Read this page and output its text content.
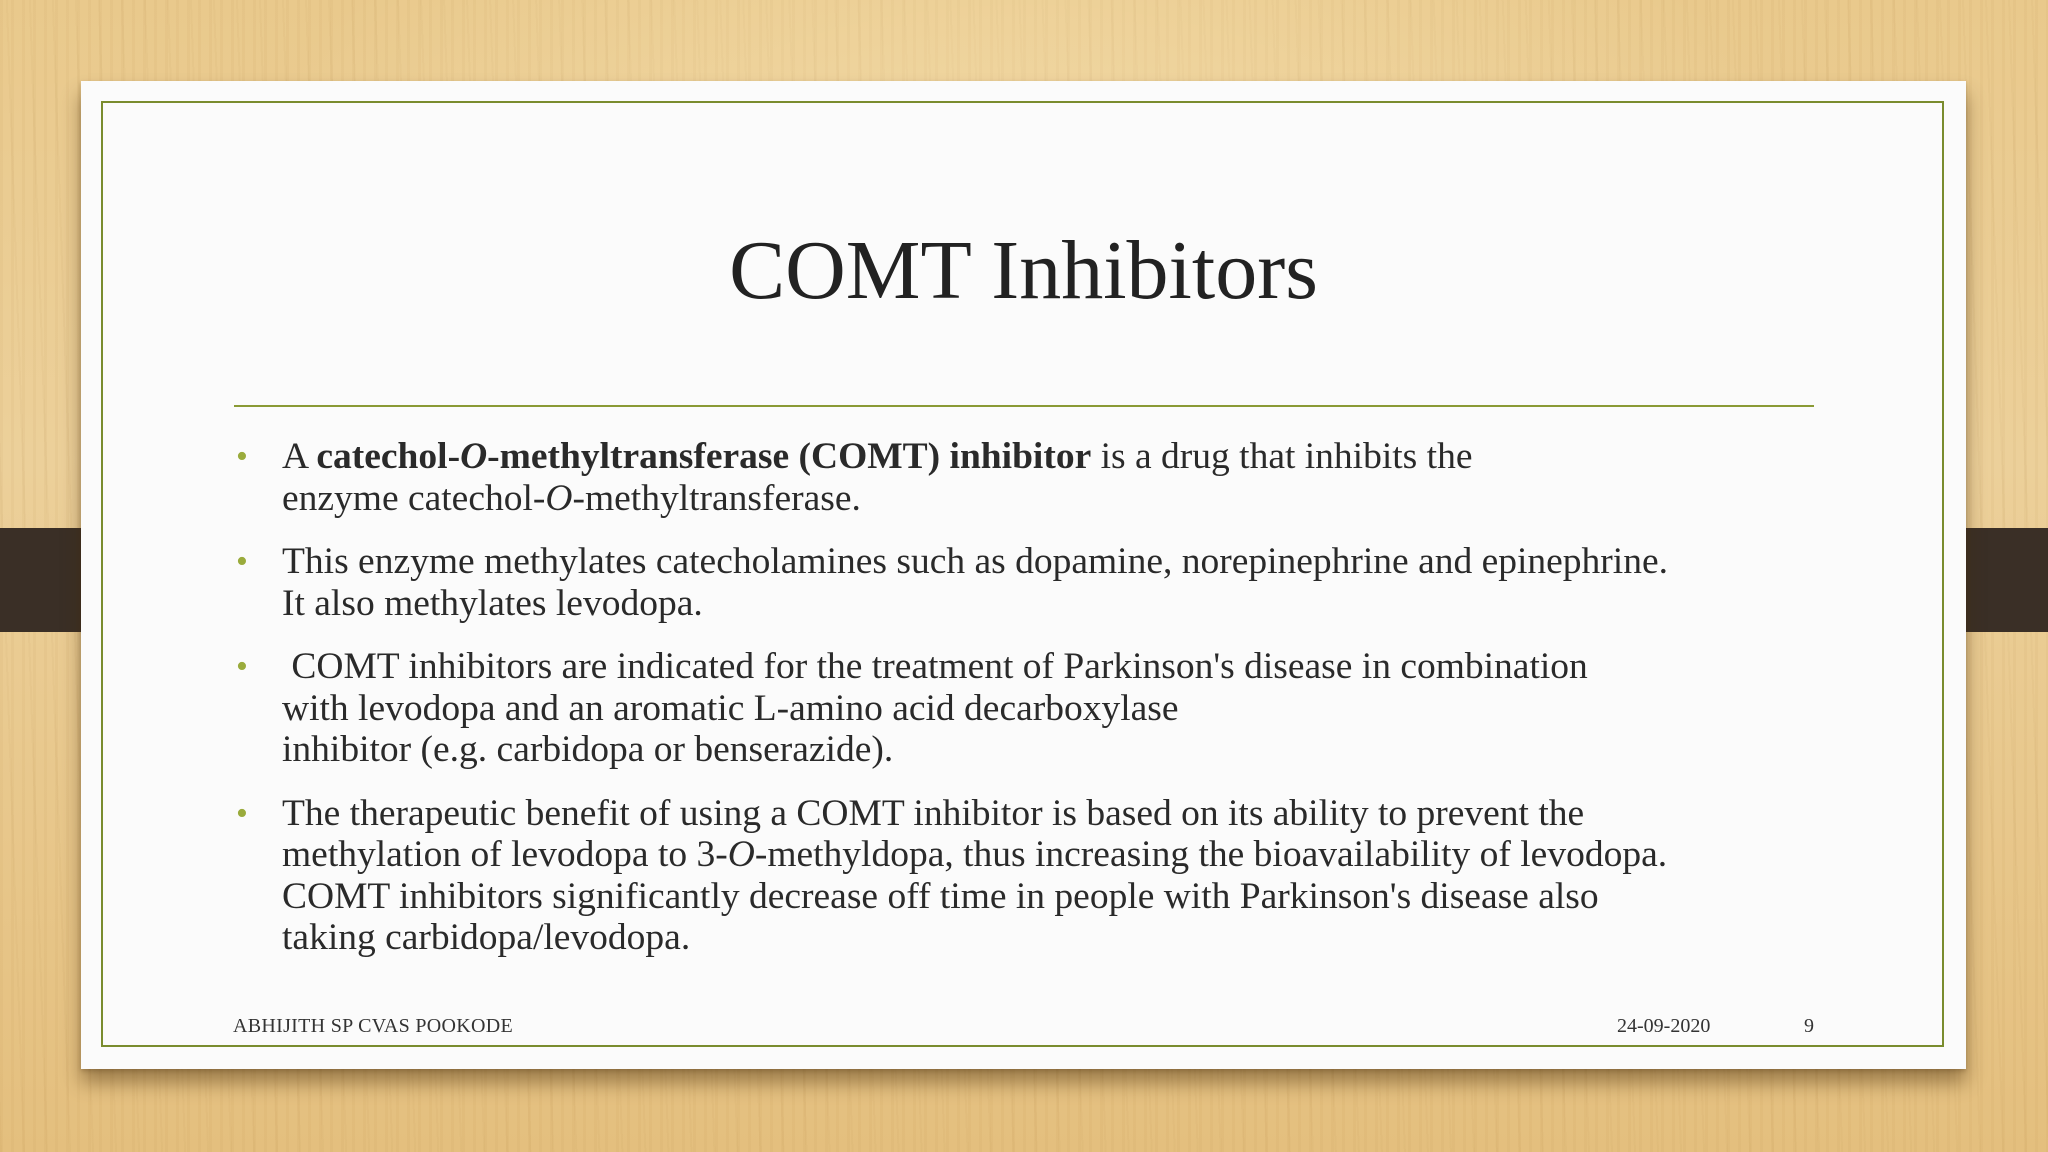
COMT Inhibitors
• A catechol-O-methyltransferase (COMT) inhibitor is a drug that inhibits the
enzyme catechol-O-methyltransferase.
• This enzyme methylates catecholamines such as dopamine, norepinephrine and epinephrine.
It also methylates levodopa.
• COMT inhibitors are indicated for the treatment of Parkinson's disease in combination
with levodopa and an aromatic L-amino acid decarboxylase
inhibitor (e.g. carbidopa or benserazide).
• The therapeutic benefit of using a COMT inhibitor is based on its ability to prevent the
methylation of levodopa to 3-O-methyldopa, thus increasing the bioavailability of levodopa.
COMT inhibitors significantly decrease off time in people with Parkinson's disease also
taking carbidopa/levodopa.
ABHIJITH SP CVAS POOKODE	24-09-2020	9
